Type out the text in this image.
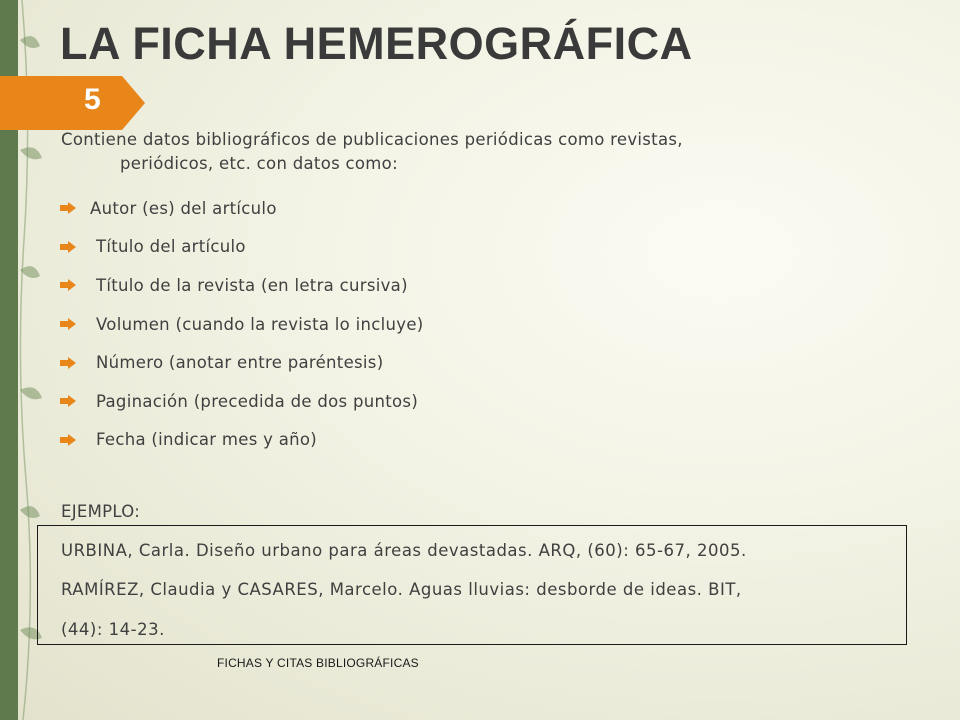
LA FICHA HEMEROGRÁFICA
5
Contiene datos bibliográficos de publicaciones periódicas como revistas,
periódicos, etc. con datos como:
Autor (es) del artículo
Título del artículo
Título de la revista (en letra cursiva)
Volumen (cuando la revista lo incluye)
Número (anotar entre paréntesis)
Paginación (precedida de dos puntos)
Fecha (indicar mes y año)
EJEMPLO:
URBINA, Carla. Diseño urbano para áreas devastadas. ARQ, (60): 65-67, 2005.
RAMÍREZ, Claudia y CASARES, Marcelo. Aguas lluvias: desborde de ideas. BIT,
(44): 14-23.
FICHAS Y CITAS BIBLIOGRÁFICAS
